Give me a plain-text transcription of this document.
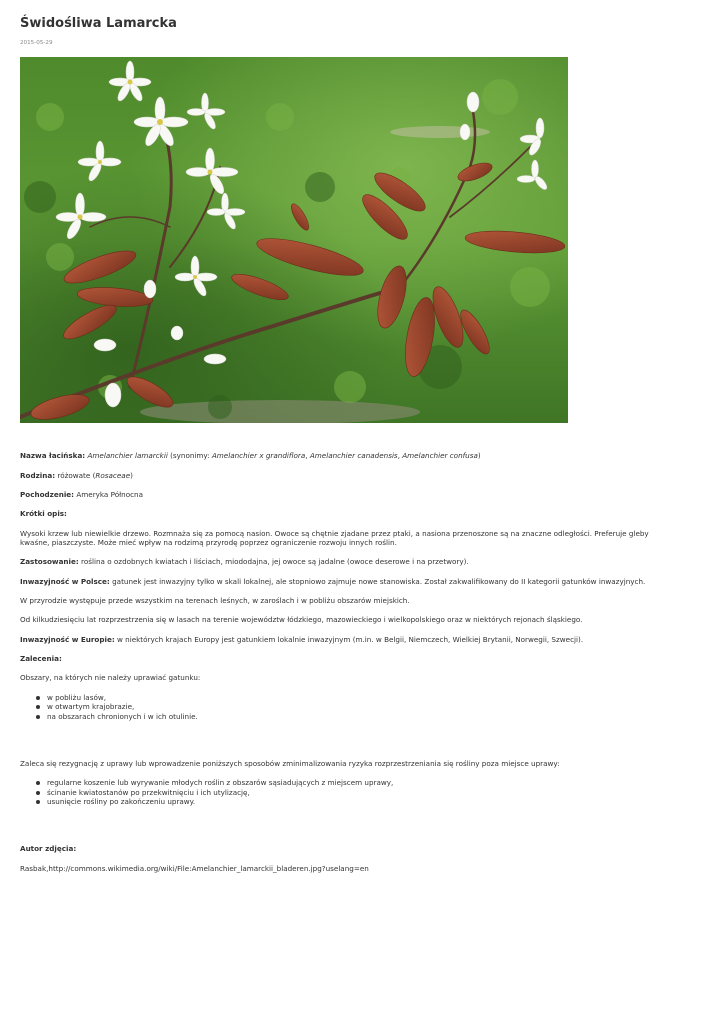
Świdośliwa Lamarcka
2015-05-29

Nazwa łacińska: Amelanchier lamarckii (synonimy: Amelanchier x grandiflora, Amelanchier canadensis, Amelanchier confusa)

Rodzina: różowate (Rosaceae)

Pochodzenie: Ameryka Północna

Krótki opis:

Wysoki krzew lub niewielkie drzewo. Rozmnaża się za pomocą nasion. Owoce są chętnie zjadane przez ptaki, a nasiona przenoszone są na znaczne odległości. Preferuje gleby kwaśne, piaszczyste. Może mieć wpływ na rodzimą przyrodę poprzez ograniczenie rozwoju innych roślin.

Zastosowanie: roślina o ozdobnych kwiatach i liściach, miododajna, jej owoce są jadalne (owoce deserowe i na przetwory).

Inwazyjność w Polsce: gatunek jest inwazyjny tylko w skali lokalnej, ale stopniowo zajmuje nowe stanowiska. Został zakwalifikowany do II kategorii gatunków inwazyjnych.

W przyrodzie występuje przede wszystkim na terenach leśnych, w zaroślach i w pobliżu obszarów miejskich.

Od kilkudziesięciu lat rozprzestrzenia się w lasach na terenie województw łódzkiego, mazowieckiego i wielkopolskiego oraz w niektórych rejonach śląskiego.

Inwazyjność w Europie: w niektórych krajach Europy jest gatunkiem lokalnie inwazyjnym (m.in. w Belgii, Niemczech, Wielkiej Brytanii, Norwegii, Szwecji).

Zalecenia:

Obszary, na których nie należy uprawiać gatunku:

w pobliżu lasów,
w otwartym krajobrazie,
na obszarach chronionych i w ich otulinie.

Zaleca się rezygnację z uprawy lub wprowadzenie poniższych sposobów zminimalizowania ryzyka rozprzestrzeniania się rośliny poza miejsce uprawy:

regularne koszenie lub wyrywanie młodych roślin z obszarów sąsiadujących z miejscem uprawy,
ścinanie kwiatostanów po przekwitnięciu i ich utylizację,
usunięcie rośliny po zakończeniu uprawy.

Autor zdjęcia:

Rasbak,http://commons.wikimedia.org/wiki/File:Amelanchier_lamarckii_bladeren.jpg?uselang=en
